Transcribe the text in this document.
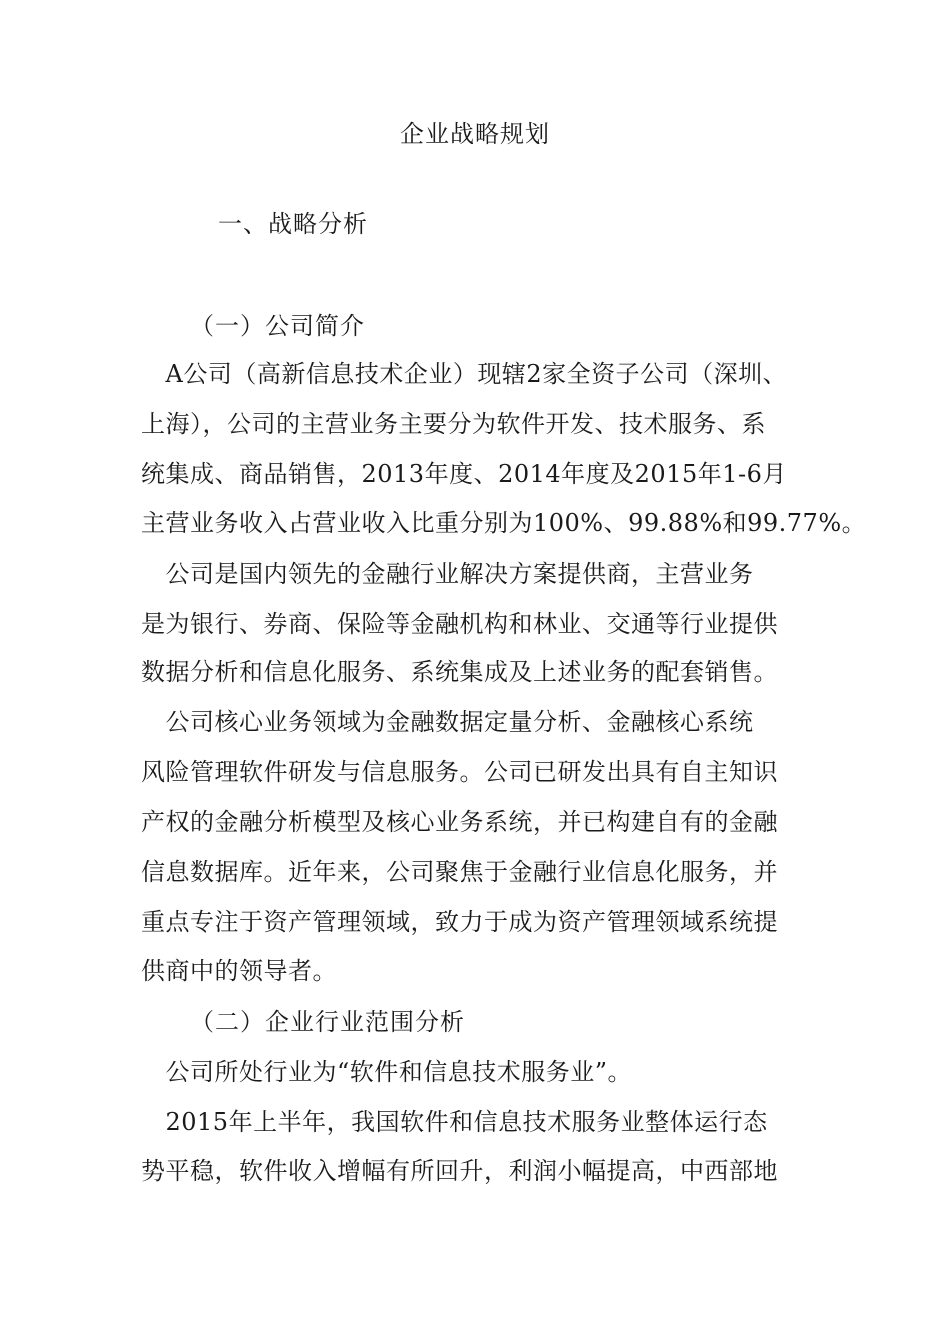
企业战略规划
一、战略分析
（一）公司简介
　A公司（高新信息技术企业）现辖2家全资子公司（深圳、
上海），公司的主营业务主要分为软件开发、技术服务、系
统集成、商品销售，2013年度、2014年度及2015年1-6月
主营业务收入占营业收入比重分别为100%、99.88%和99.77%。
　公司是国内领先的金融行业解决方案提供商，主营业务
是为银行、券商、保险等金融机构和林业、交通等行业提供
数据分析和信息化服务、系统集成及上述业务的配套销售。
　公司核心业务领域为金融数据定量分析、金融核心系统
风险管理软件研发与信息服务。公司已研发出具有自主知识
产权的金融分析模型及核心业务系统，并已构建自有的金融
信息数据库。近年来，公司聚焦于金融行业信息化服务，并
重点专注于资产管理领域，致力于成为资产管理领域系统提
供商中的领导者。
（二）企业行业范围分析
　公司所处行业为“软件和信息技术服务业”。
　2015年上半年，我国软件和信息技术服务业整体运行态
势平稳，软件收入增幅有所回升，利润小幅提高，中西部地
